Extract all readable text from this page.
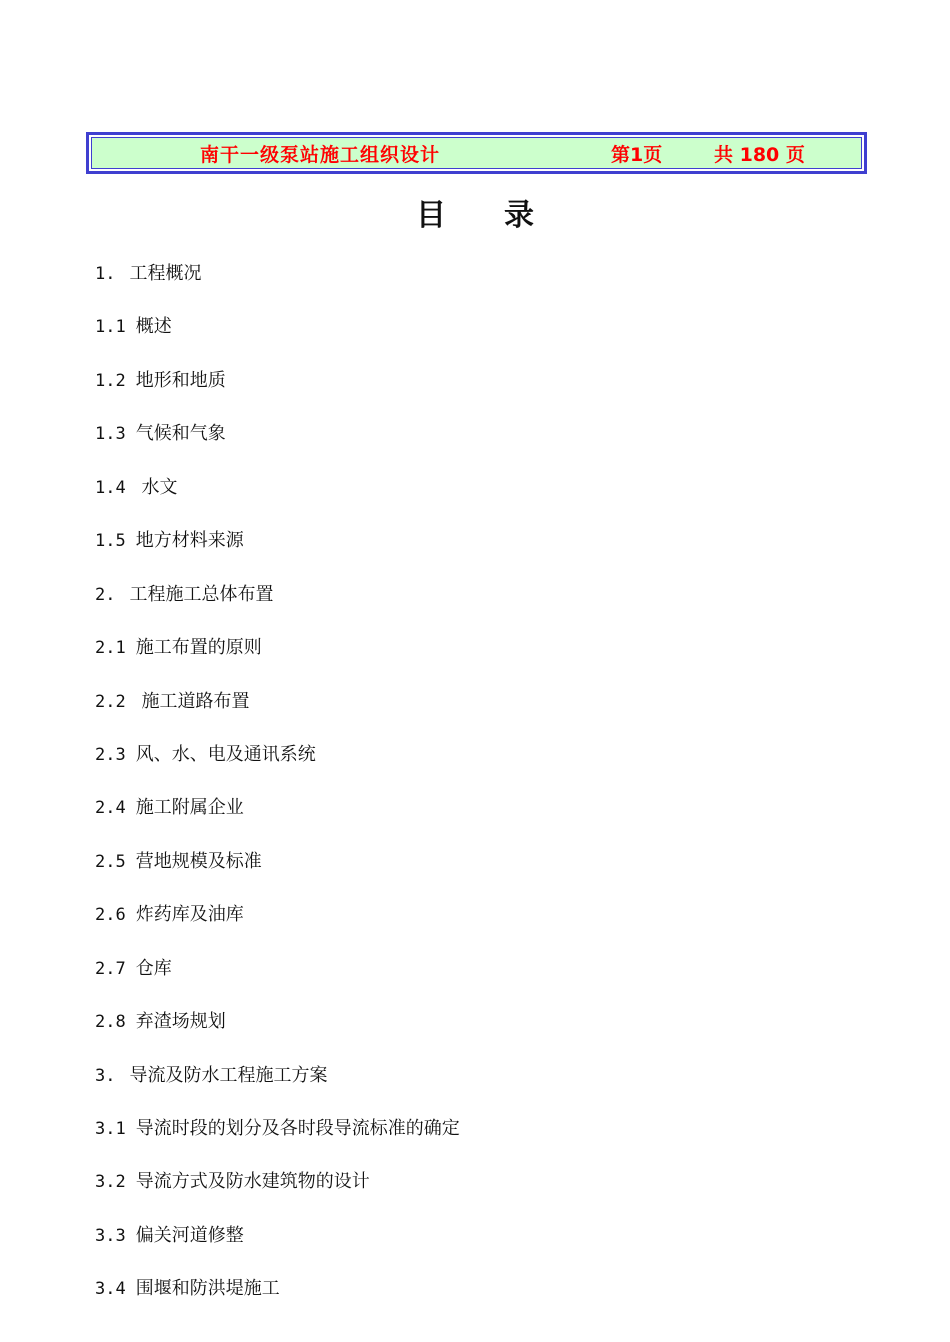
南干一级泵站施工组织设计	第1页	共 180 页
目录
1. 工程概况
1.1 概述
1.2 地形和地质
1.3 气候和气象
1.4 水文
1.5 地方材料来源
2. 工程施工总体布置
2.1 施工布置的原则
2.2 施工道路布置
2.3 风、水、电及通讯系统
2.4 施工附属企业
2.5 营地规模及标准
2.6 炸药库及油库
2.7 仓库
2.8 弃渣场规划
3. 导流及防水工程施工方案
3.1 导流时段的划分及各时段导流标准的确定
3.2 导流方式及防水建筑物的设计
3.3 偏关河道修整
3.4 围堰和防洪堤施工
